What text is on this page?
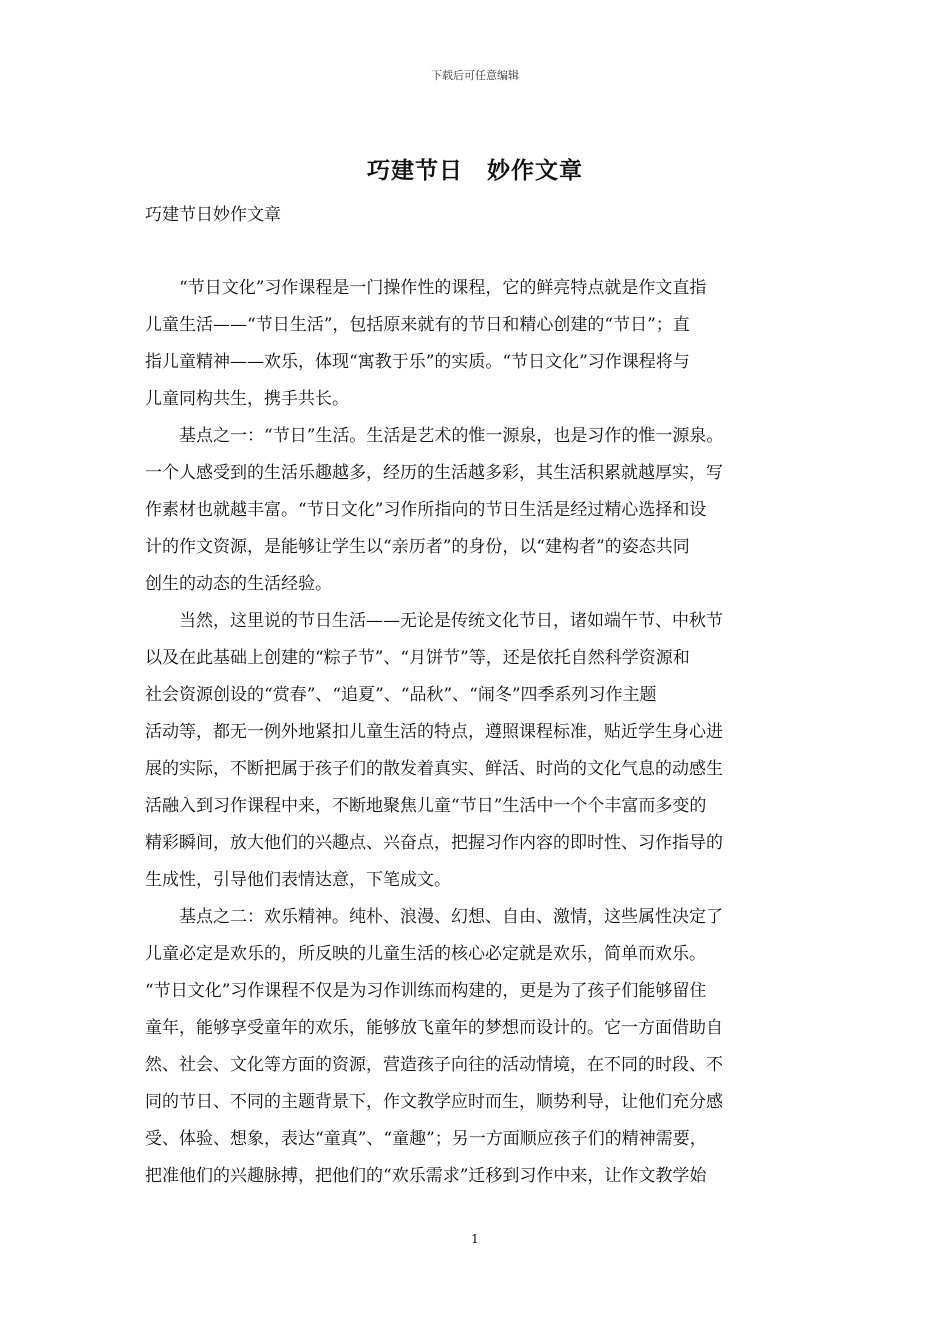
下载后可任意编辑
巧建节日　妙作文章
巧建节日妙作文章
　　“节日文化”习作课程是一门操作性的课程，它的鲜亮特点就是作文直指
儿童生活——“节日生活”，包括原来就有的节日和精心创建的“节日”；直
指儿童精神——欢乐，体现“寓教于乐”的实质。“节日文化”习作课程将与
儿童同构共生，携手共长。
　　基点之一：“节日”生活。生活是艺术的惟一源泉，也是习作的惟一源泉。
一个人感受到的生活乐趣越多，经历的生活越多彩，其生活积累就越厚实，写
作素材也就越丰富。“节日文化”习作所指向的节日生活是经过精心选择和设
计的作文资源，是能够让学生以“亲历者”的身份，以“建构者”的姿态共同
创生的动态的生活经验。
　　当然，这里说的节日生活——无论是传统文化节日，诸如端午节、中秋节
以及在此基础上创建的“粽子节”、“月饼节”等，还是依托自然科学资源和
社会资源创设的“赏春”、“追夏”、“品秋”、“闹冬”四季系列习作主题
活动等，都无一例外地紧扣儿童生活的特点，遵照课程标准，贴近学生身心进
展的实际，不断把属于孩子们的散发着真实、鲜活、时尚的文化气息的动感生
活融入到习作课程中来，不断地聚焦儿童“节日”生活中一个个丰富而多变的
精彩瞬间，放大他们的兴趣点、兴奋点，把握习作内容的即时性、习作指导的
生成性，引导他们表情达意，下笔成文。
　　基点之二：欢乐精神。纯朴、浪漫、幻想、自由、激情，这些属性决定了
儿童必定是欢乐的，所反映的儿童生活的核心必定就是欢乐，简单而欢乐。
“节日文化”习作课程不仅是为习作训练而构建的，更是为了孩子们能够留住
童年，能够享受童年的欢乐，能够放飞童年的梦想而设计的。它一方面借助自
然、社会、文化等方面的资源，营造孩子向往的活动情境，在不同的时段、不
同的节日、不同的主题背景下，作文教学应时而生，顺势利导，让他们充分感
受、体验、想象，表达“童真”、“童趣”；另一方面顺应孩子们的精神需要，
把准他们的兴趣脉搏，把他们的“欢乐需求”迁移到习作中来，让作文教学始
1
